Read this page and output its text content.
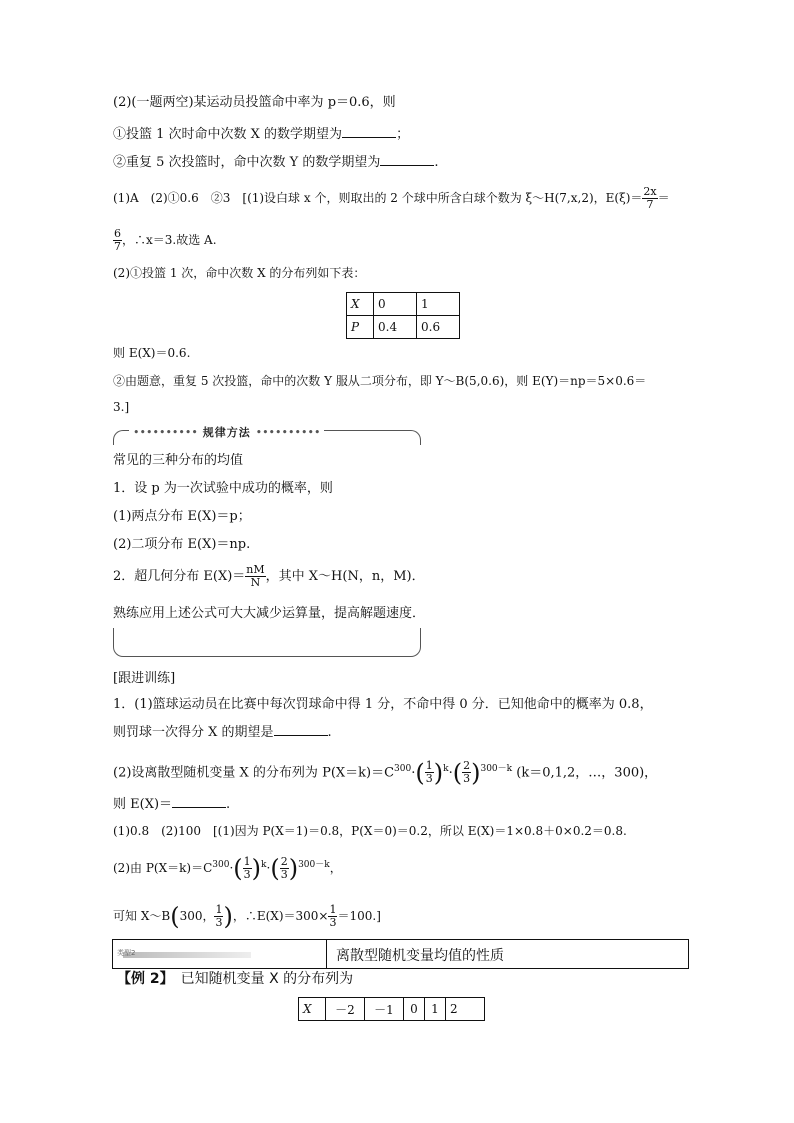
(2)(一题两空)某运动员投篮命中率为 p＝0.6，则
①投篮 1 次时命中次数 X 的数学期望为	；
②重复 5 次投篮时，命中次数 Y 的数学期望为	.
(1)A　(2)①0.6　②3　[(1)设白球 x 个，则取出的 2 个球中所含白球个数为 ξ～H(7,x,2)，$E(\xi)= \frac{2x}{7}$ ＝
$\frac{6}{7}$ ，∴x＝3.故选 A.
(2)①投篮 1 次，命中次数 X 的分布列如下表：
X	0	1
P	0.4	0.6
则 E(X)＝0.6.
②由题意，重复 5 次投篮，命中的次数 Y 服从二项分布，即 Y～B(5,0.6)，则 E(Y)＝np＝5×0.6＝
3.]
•••••••••• 规律方法 ••••••••••
常见的三种分布的均值
1．设 p 为一次试验中成功的概率，则
(1)两点分布 E(X)＝p；
(2)二项分布 E(X)＝np.
2．超几何分布 $E(X)= \frac{nM}{N}$ ，其中 X～H(N，n，M)．
熟练应用上述公式可大大减少运算量，提高解题速度．
[跟进训练]
1．(1)篮球运动员在比赛中每次罚球命中得 1 分，不命中得 0 分．已知他命中的概率为 0.8，
则罚球一次得分 X 的期望是	.
(2)设离散型随机变量 X 的分布列为 $P(X=k)=C^{300}\cdot( \frac{1}{3} )^k\cdot( \frac{2}{3} )^{300-k}$ (k＝0,1,2，…，300)，
则 E(X)＝	.
(1)0.8　(2)100　[(1)因为 P(X＝1)＝0.8，P(X＝0)＝0.2，所以 E(X)＝1×0.8＋0×0.2＝0.8.
(2)由 $P(X=k)=C^{300}\cdot( \frac{1}{3} )^k\cdot( \frac{2}{3} )^{300-k}$，
可知 X～B(300， $\frac{1}{3}$ )，∴E(X)＝300× $\frac{1}{3} =100$.]
类型2	离散型随机变量均值的性质
【例 2】　 已知随机变量 X 的分布列为
X	－2	－1	0	1	2
